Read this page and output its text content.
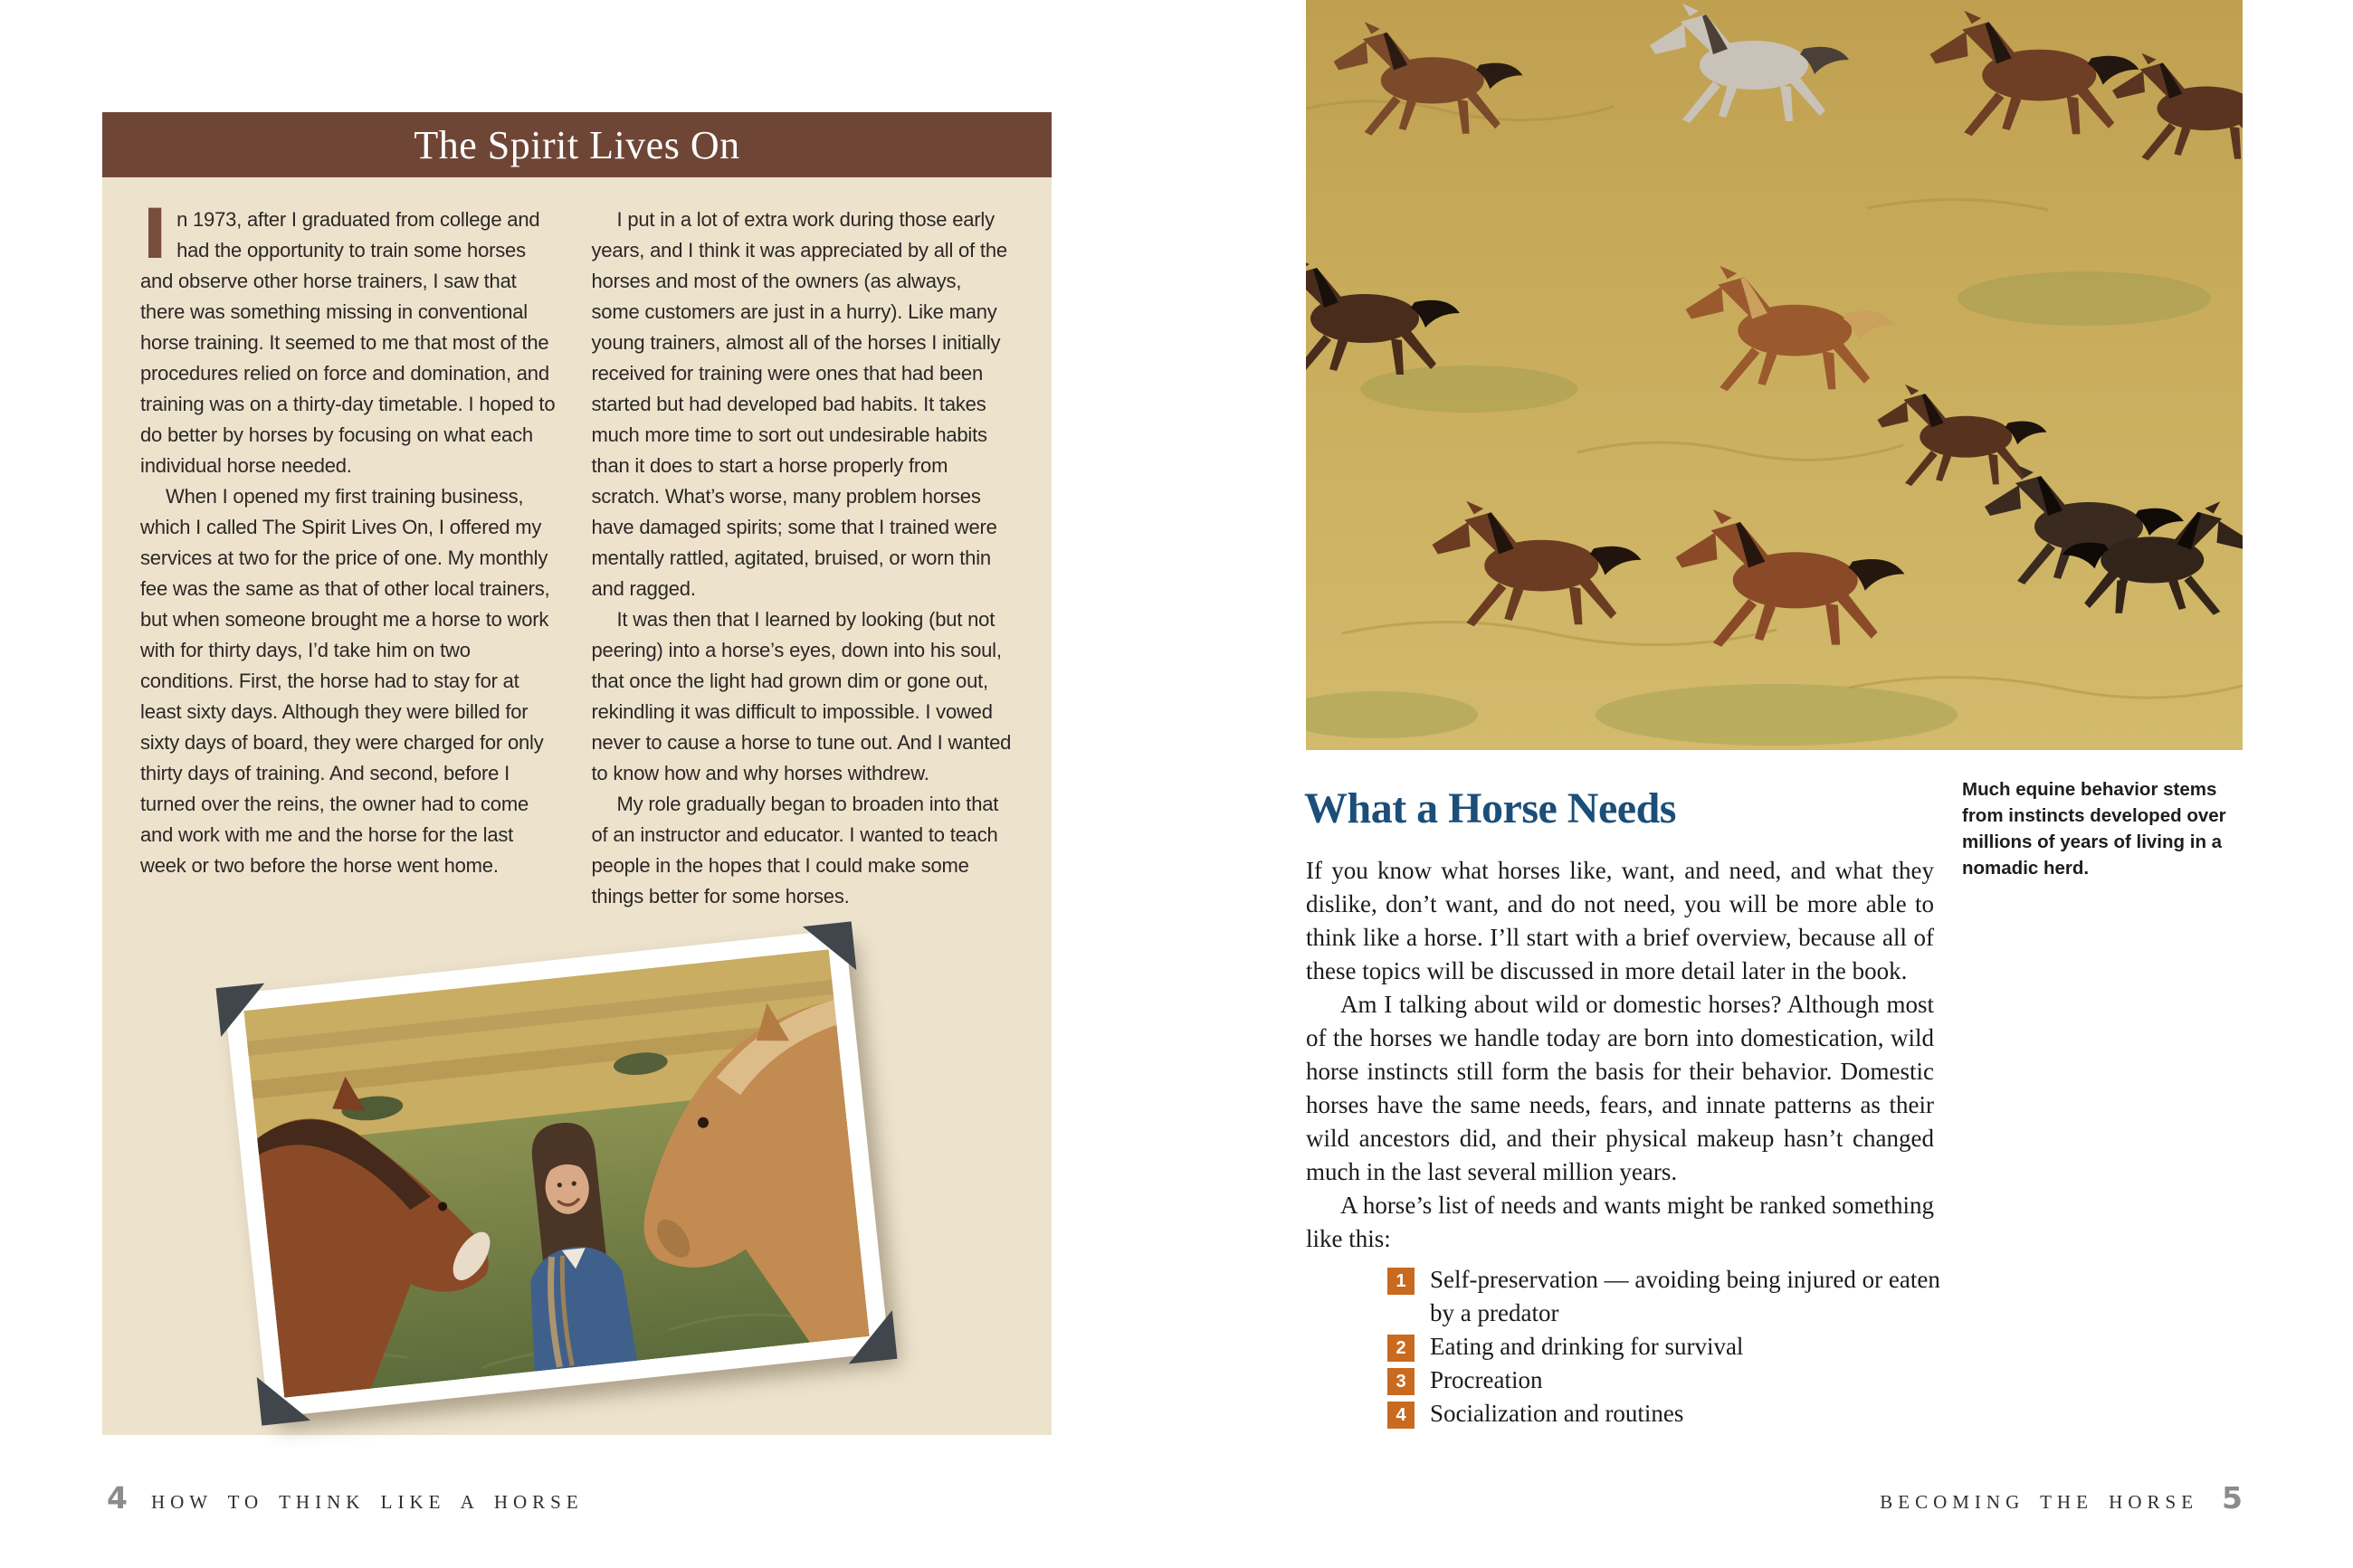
The Spirit Lives On

In 1973, after I graduated from college and had the opportunity to train some horses and observe other horse trainers, I saw that there was something missing in conventional horse training. It seemed to me that most of the procedures relied on force and domination, and training was on a thirty-day timetable. I hoped to do better by horses by focusing on what each individual horse needed.

When I opened my first training business, which I called The Spirit Lives On, I offered my services at two for the price of one. My monthly fee was the same as that of other local trainers, but when someone brought me a horse to work with for thirty days, I’d take him on two conditions. First, the horse had to stay for at least sixty days. Although they were billed for sixty days of board, they were charged for only thirty days of training. And second, before I turned over the reins, the owner had to come and work with me and the horse for the last week or two before the horse went home.

I put in a lot of extra work during those early years, and I think it was appreciated by all of the horses and most of the owners (as always, some customers are just in a hurry). Like many young trainers, almost all of the horses I initially received for training were ones that had been started but had developed bad habits. It takes much more time to sort out undesirable habits than it does to start a horse properly from scratch. What’s worse, many problem horses have damaged spirits; some that I trained were mentally rattled, agitated, bruised, or worn thin and ragged.

It was then that I learned by looking (but not peering) into a horse’s eyes, down into his soul, that once the light had grown dim or gone out, rekindling it was difficult to impossible. I vowed never to cause a horse to tune out. And I wanted to know how and why horses withdrew.

My role gradually began to broaden into that of an instructor and educator. I wanted to teach people in the hopes that I could make some things better for some horses.

What a Horse Needs

If you know what horses like, want, and need, and what they dislike, don’t want, and do not need, you will be more able to think like a horse. I’ll start with a brief overview, because all of these topics will be discussed in more detail later in the book.

Am I talking about wild or domestic horses? Although most of the horses we handle today are born into domestication, wild horse instincts still form the basis for their behavior. Domestic horses have the same needs, fears, and innate patterns as their wild ancestors did, and their physical makeup hasn’t changed much in the last several million years.

A horse’s list of needs and wants might be ranked something like this:

1 Self-preservation — avoiding being injured or eaten by a predator
2 Eating and drinking for survival
3 Procreation
4 Socialization and routines
Much equine behavior stems from instincts developed over millions of years of living in a nomadic herd.
4 HOW TO THINK LIKE A HORSE	BECOMING THE HORSE 5
